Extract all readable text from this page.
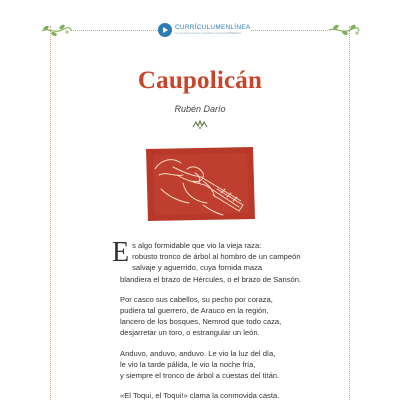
CURRÍCULUMENLÍNEA
Un recurso para el currículum nacional MINEDUC
Caupolicán
Rubén Darío
E s algo formidable que vio la vieja raza:
robusto tronco de árbol al hombro de un campeón
salvaje y aguerrido, cuya fornida maza
blandiera el brazo de Hércules, o el brazo de Sansón.
Por casco sus cabellos, su pecho por coraza,
pudiera tal guerrero, de Arauco en la región,
lancero de los bosques, Nemrod que todo caza,
desjarretar un toro, o estrangular un león.
Anduvo, anduvo, anduvo. Le vio la luz del día,
le vio la tarde pálida, le vio la noche fría,
y siempre el tronco de árbol a cuestas del titán.
«El Toqui, el Toqui!» clama la conmovida casta.
